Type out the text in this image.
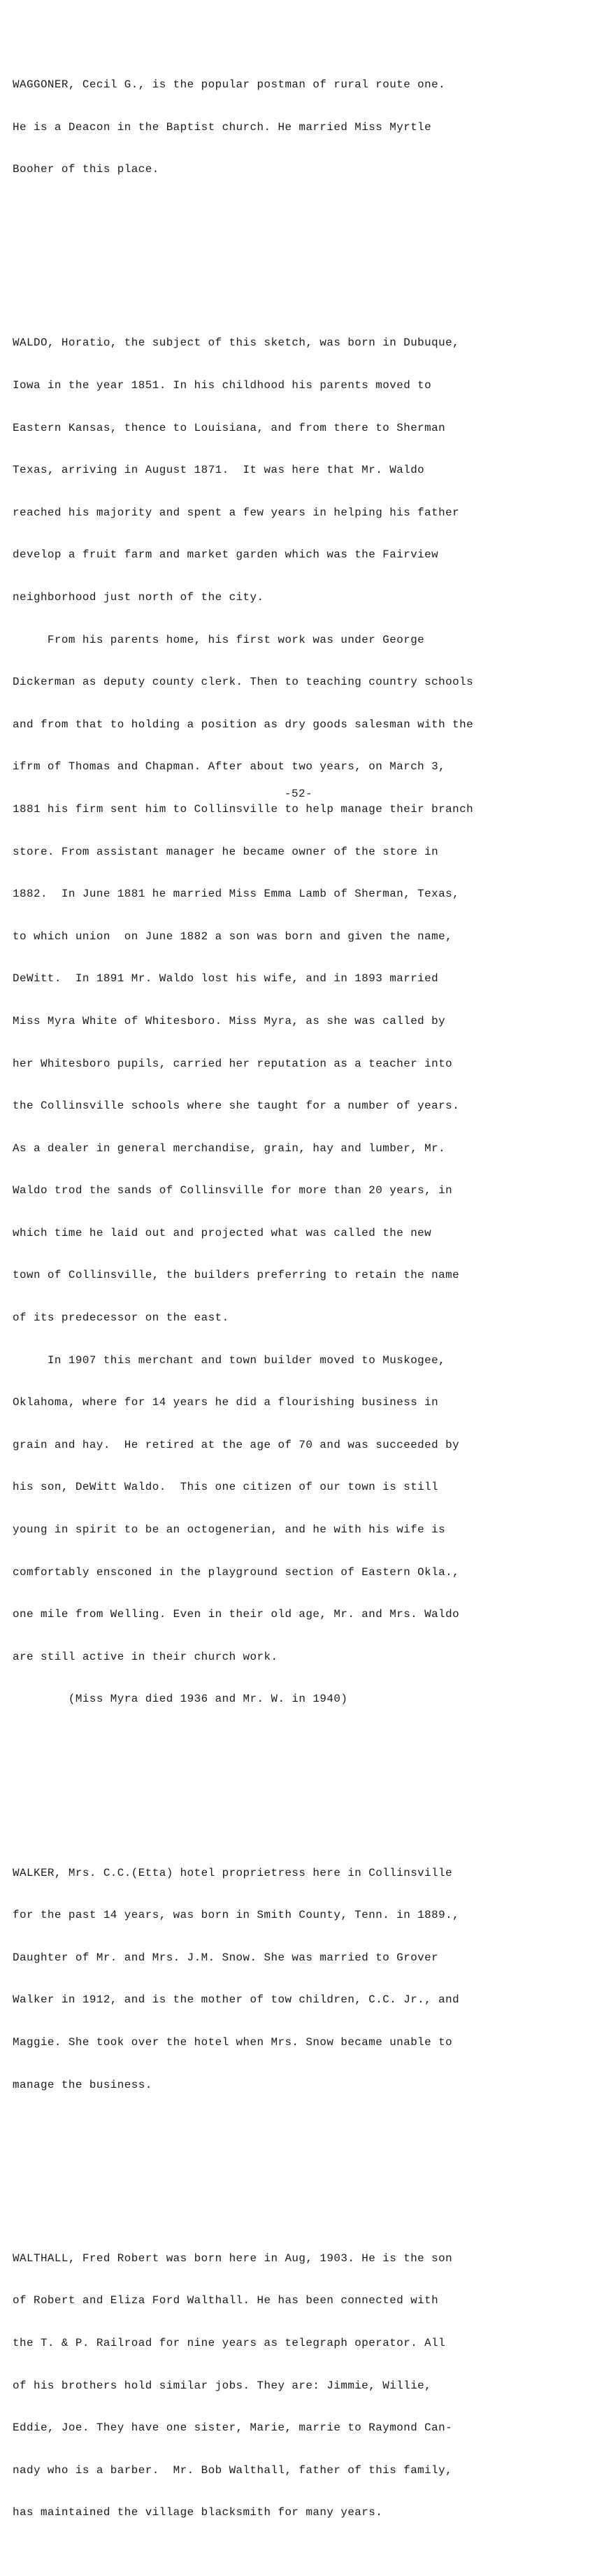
WAGGONER, Cecil G., is the popular postman of rural route one.

He is a Deacon in the Baptist church. He married Miss Myrtle

Booher of this place.

WALDO, Horatio, the subject of this sketch, was born in Dubuque,

Iowa in the year 1851. In his childhood his parents moved to

Eastern Kansas, thence to Louisiana, and from there to Sherman

Texas, arriving in August 1871.  It was here that Mr. Waldo

reached his majority and spent a few years in helping his father

develop a fruit farm and market garden which was the Fairview

neighborhood just north of the city.

From his parents home, his first work was under George

Dickerman as deputy county clerk. Then to teaching country schools

and from that to holding a position as dry goods salesman with the

ifrm of Thomas and Chapman. After about two years, on March 3,

1881 his firm sent him to Collinsville to help manage their branch

store. From assistant manager he became owner of the store in

1882.  In June 1881 he married Miss Emma Lamb of Sherman, Texas,

to which union  on June 1882 a son was born and given the name,

DeWitt.  In 1891 Mr. Waldo lost his wife, and in 1893 married

Miss Myra White of Whitesboro. Miss Myra, as she was called by

her Whitesboro pupils, carried her reputation as a teacher into

the Collinsville schools where she taught for a number of years.

As a dealer in general merchandise, grain, hay and lumber, Mr.

Waldo trod the sands of Collinsville for more than 20 years, in

which time he laid out and projected what was called the new

town of Collinsville, the builders preferring to retain the name

of its predecessor on the east.

In 1907 this merchant and town builder moved to Muskogee,

Oklahoma, where for 14 years he did a flourishing business in

grain and hay.  He retired at the age of 70 and was succeeded by

his son, DeWitt Waldo.  This one citizen of our town is still

young in spirit to be an octogenerian, and he with his wife is

comfortably ensconed in the playground section of Eastern Okla.,

one mile from Welling. Even in their old age, Mr. and Mrs. Waldo

are still active in their church work.

(Miss Myra died 1936 and Mr. W. in 1940)

WALKER, Mrs. C.C.(Etta) hotel proprietress here in Collinsville

for the past 14 years, was born in Smith County, Tenn. in 1889.,

Daughter of Mr. and Mrs. J.M. Snow. She was married to Grover

Walker in 1912, and is the mother of tow children, C.C. Jr., and

Maggie. She took over the hotel when Mrs. Snow became unable to

manage the business.

WALTHALL, Fred Robert was born here in Aug, 1903. He is the son

of Robert and Eliza Ford Walthall. He has been connected with

the T. & P. Railroad for nine years as telegraph operator. All

of his brothers hold similar jobs. They are: Jimmie, Willie,

Eddie, Joe. They have one sister, Marie, marrie to Raymond Can-

nady who is a barber.  Mr. Bob Walthall, father of this family,

has maintained the village blacksmith for many years.

-52-
